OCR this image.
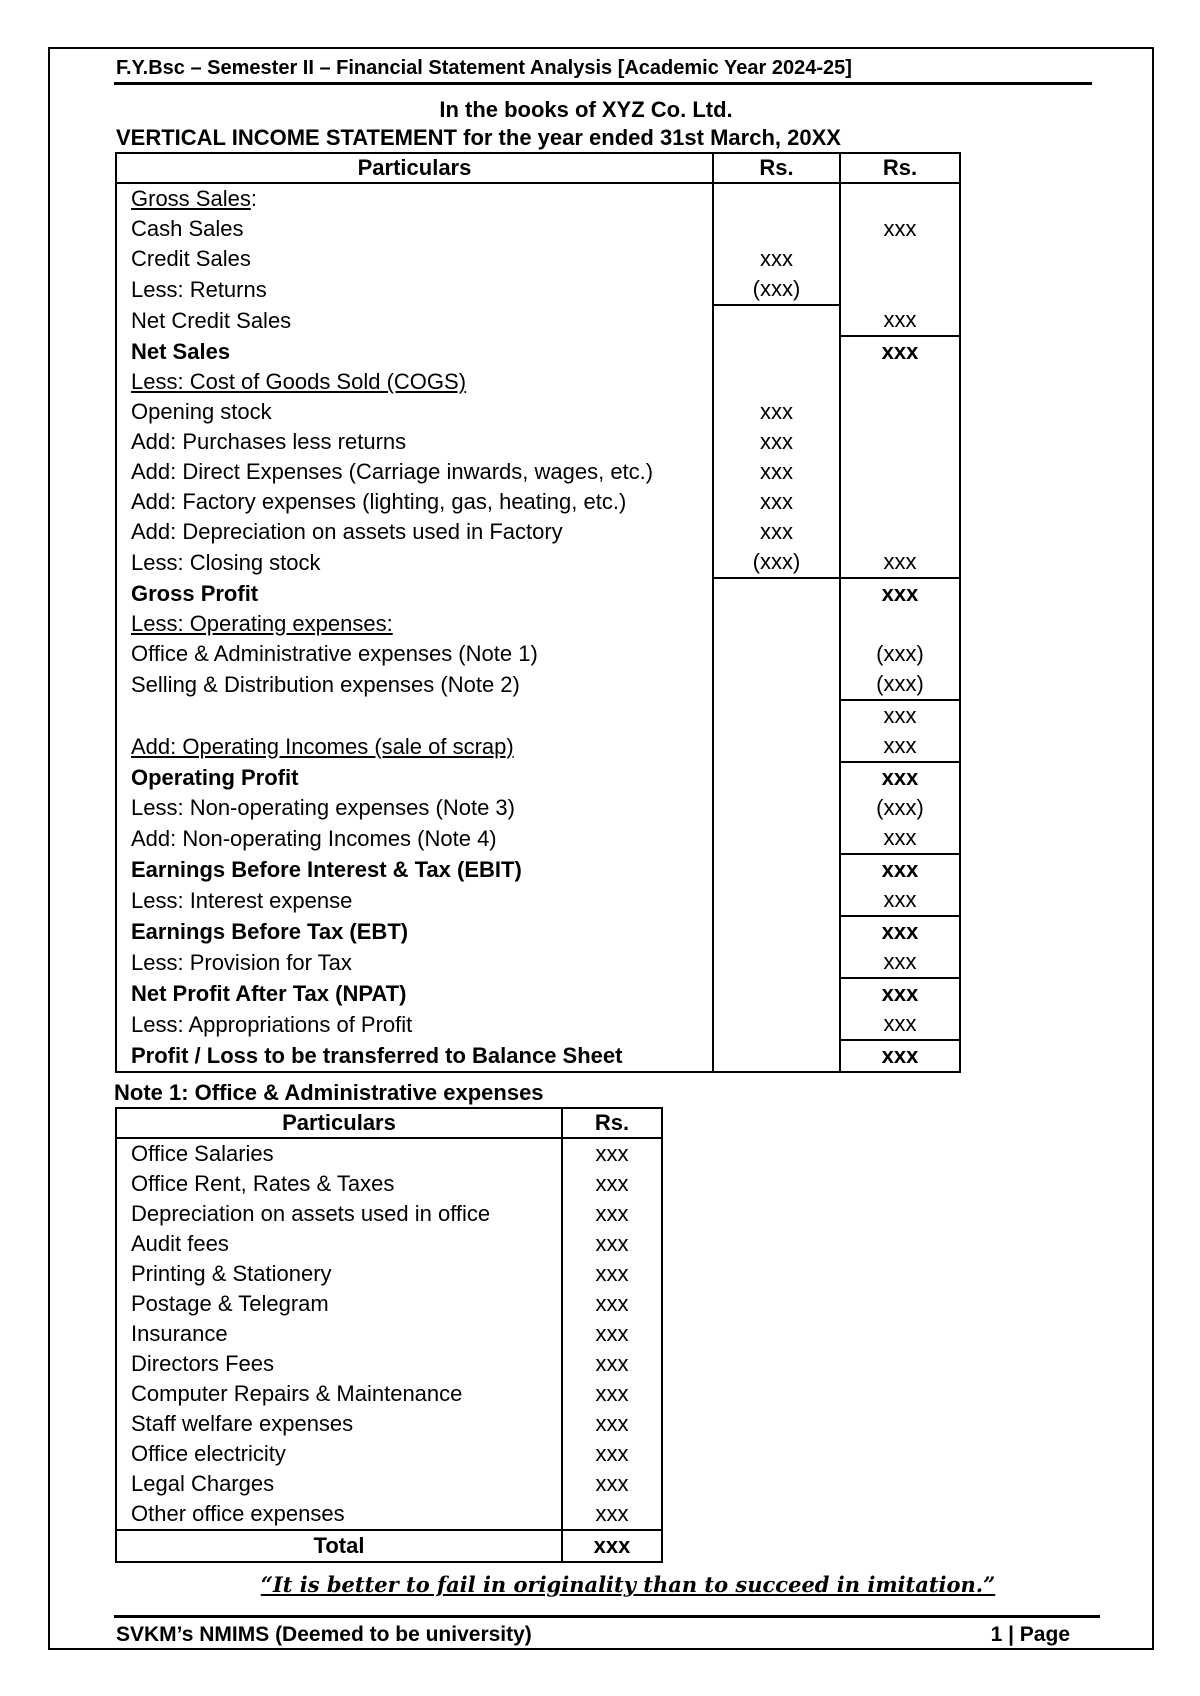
F.Y.Bsc – Semester II – Financial Statement Analysis [Academic Year 2024-25]
In the books of XYZ Co. Ltd.
VERTICAL INCOME STATEMENT for the year ended 31st March, 20XX
Particulars	Rs.	Rs.
Gross Sales:		
Cash Sales		xxx
Credit Sales	xxx	
Less: Returns	(xxx)	
Net Credit Sales		xxx
Net Sales		xxx
Less: Cost of Goods Sold (COGS)		
Opening stock	xxx	
Add: Purchases less returns	xxx	
Add: Direct Expenses (Carriage inwards, wages, etc.)	xxx	
Add: Factory expenses (lighting, gas, heating, etc.)	xxx	
Add: Depreciation on assets used in Factory	xxx	
Less: Closing stock	(xxx)	xxx
Gross Profit		xxx
Less: Operating expenses:		
Office & Administrative expenses (Note 1)		(xxx)
Selling & Distribution expenses (Note 2)		(xxx)
		xxx
Add: Operating Incomes (sale of scrap)		xxx
Operating Profit		xxx
Less: Non-operating expenses (Note 3)		(xxx)
Add: Non-operating Incomes (Note 4)		xxx
Earnings Before Interest & Tax (EBIT)		xxx
Less: Interest expense		xxx
Earnings Before Tax (EBT)		xxx
Less: Provision for Tax		xxx
Net Profit After Tax (NPAT)		xxx
Less: Appropriations of Profit		xxx
Profit / Loss to be transferred to Balance Sheet		xxx
Note 1: Office & Administrative expenses
Particulars	Rs.
Office Salaries	xxx
Office Rent, Rates & Taxes	xxx
Depreciation on assets used in office	xxx
Audit fees	xxx
Printing & Stationery	xxx
Postage & Telegram	xxx
Insurance	xxx
Directors Fees	xxx
Computer Repairs & Maintenance	xxx
Staff welfare expenses	xxx
Office electricity	xxx
Legal Charges	xxx
Other office expenses	xxx
Total	xxx
“It is better to fail in originality than to succeed in imitation.”
SVKM’s NMIMS (Deemed to be university)	1 | Page
